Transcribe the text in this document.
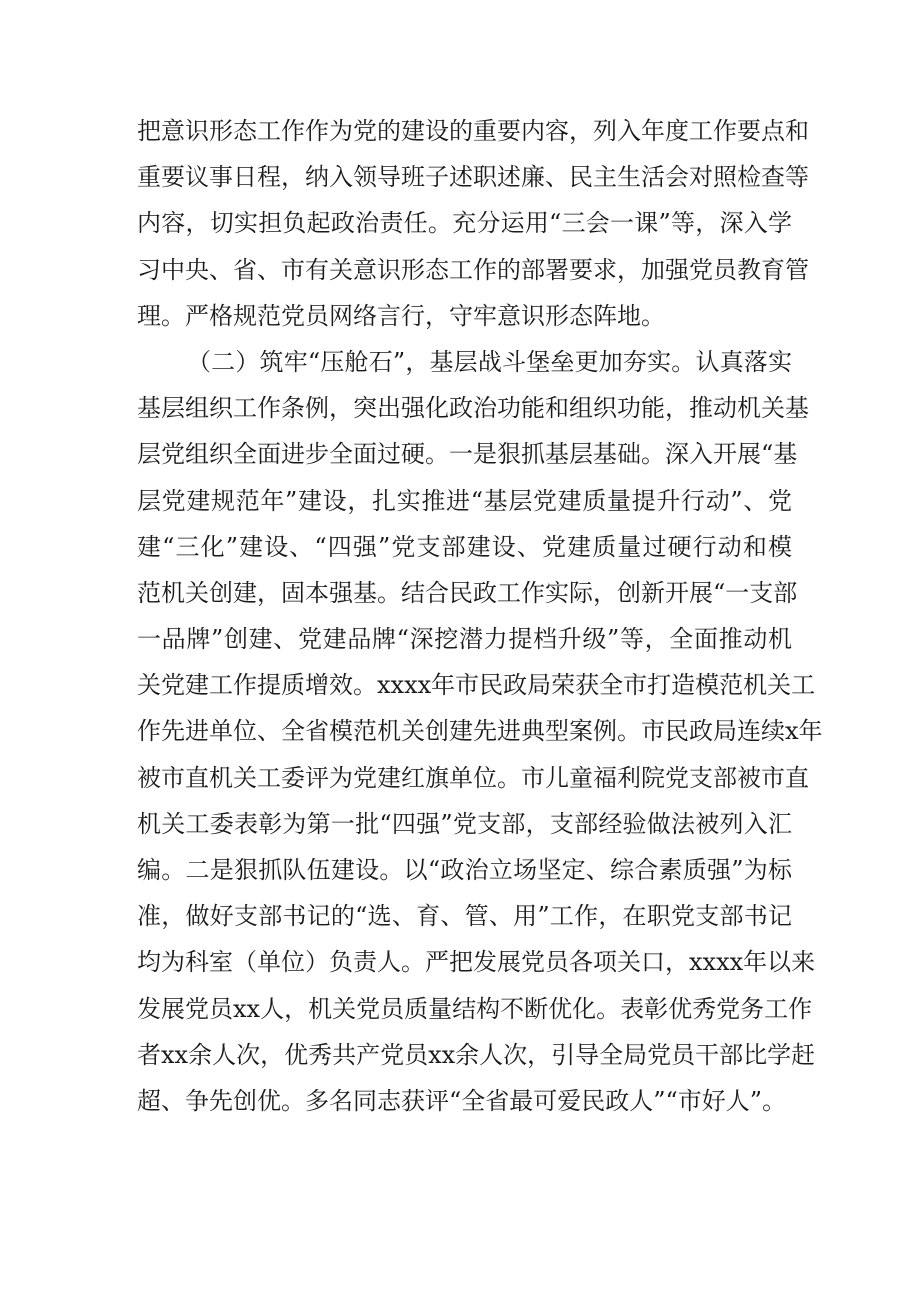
把意识形态工作作为党的建设的重要内容，列入年度工作要点和
重要议事日程，纳入领导班子述职述廉、民主生活会对照检查等
内容，切实担负起政治责任。充分运用“三会一课”等，深入学
习中央、省、市有关意识形态工作的部署要求，加强党员教育管
理。严格规范党员网络言行，守牢意识形态阵地。
（二）筑牢“压舱石”，基层战斗堡垒更加夯实。认真落实
基层组织工作条例，突出强化政治功能和组织功能，推动机关基
层党组织全面进步全面过硬。一是狠抓基层基础。深入开展“基
层党建规范年”建设，扎实推进“基层党建质量提升行动”、党
建“三化”建设、“四强”党支部建设、党建质量过硬行动和模
范机关创建，固本强基。结合民政工作实际，创新开展“一支部
一品牌”创建、党建品牌“深挖潜力提档升级”等，全面推动机
关党建工作提质增效。xxxx年市民政局荣获全市打造模范机关工
作先进单位、全省模范机关创建先进典型案例。市民政局连续x年
被市直机关工委评为党建红旗单位。市儿童福利院党支部被市直
机关工委表彰为第一批“四强”党支部，支部经验做法被列入汇
编。二是狠抓队伍建设。以“政治立场坚定、综合素质强”为标
准，做好支部书记的“选、育、管、用”工作，在职党支部书记
均为科室（单位）负责人。严把发展党员各项关口，xxxx年以来
发展党员xx人，机关党员质量结构不断优化。表彰优秀党务工作
者xx余人次，优秀共产党员xx余人次，引导全局党员干部比学赶
超、争先创优。多名同志获评“全省最可爱民政人”“市好人”。
